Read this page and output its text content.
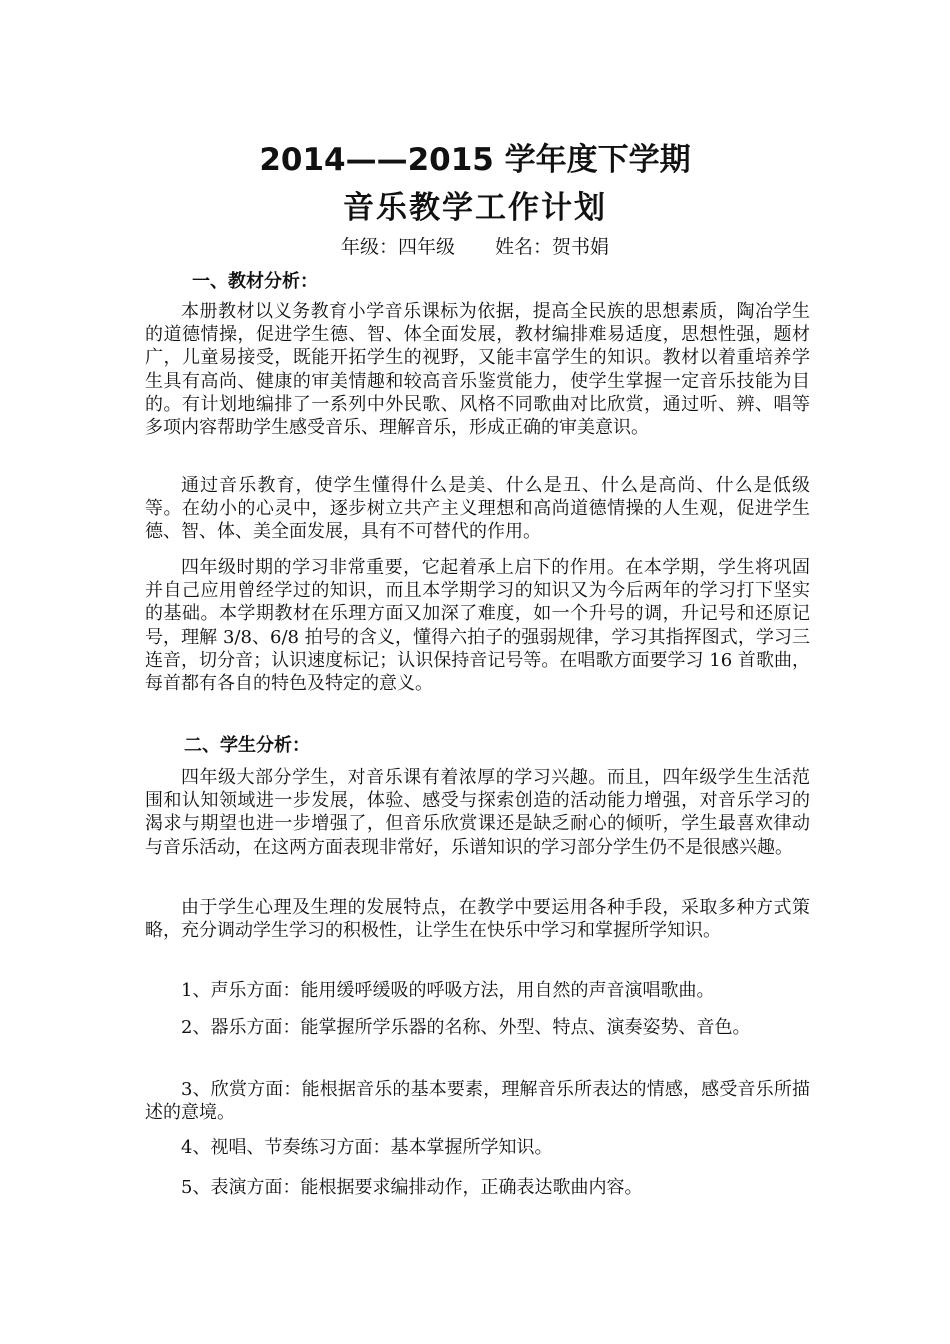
2014——2015 学年度下学期
音乐教学工作计划
年级：四年级 姓名：贺书娟
一、教材分析：
本册教材以义务教育小学音乐课标为依据，提高全民族的思想素质，陶冶学生的道德情操，促进学生德、智、体全面发展，教材编排难易适度，思想性强，题材广，儿童易接受，既能开拓学生的视野，又能丰富学生的知识。教材以着重培养学生具有高尚、健康的审美情趣和较高音乐鉴赏能力，使学生掌握一定音乐技能为目的。有计划地编排了一系列中外民歌、风格不同歌曲对比欣赏，通过听、辨、唱等多项内容帮助学生感受音乐、理解音乐，形成正确的审美意识。
通过音乐教育，使学生懂得什么是美、什么是丑、什么是高尚、什么是低级等。在幼小的心灵中，逐步树立共产主义理想和高尚道德情操的人生观，促进学生德、智、体、美全面发展，具有不可替代的作用。
四年级时期的学习非常重要，它起着承上启下的作用。在本学期，学生将巩固并自己应用曾经学过的知识，而且本学期学习的知识又为今后两年的学习打下坚实的基础。本学期教材在乐理方面又加深了难度，如一个升号的调，升记号和还原记号，理解 3/8、6/8 拍号的含义，懂得六拍子的强弱规律，学习其指挥图式，学习三连音，切分音；认识速度标记；认识保持音记号等。在唱歌方面要学习 16 首歌曲，每首都有各自的特色及特定的意义。
二、学生分析：
四年级大部分学生，对音乐课有着浓厚的学习兴趣。而且，四年级学生生活范围和认知领域进一步发展，体验、感受与探索创造的活动能力增强，对音乐学习的渴求与期望也进一步增强了，但音乐欣赏课还是缺乏耐心的倾听，学生最喜欢律动与音乐活动，在这两方面表现非常好，乐谱知识的学习部分学生仍不是很感兴趣。
由于学生心理及生理的发展特点，在教学中要运用各种手段，采取多种方式策略，充分调动学生学习的积极性，让学生在快乐中学习和掌握所学知识。
1、声乐方面：能用缓呼缓吸的呼吸方法，用自然的声音演唱歌曲。
2、器乐方面：能掌握所学乐器的名称、外型、特点、演奏姿势、音色。
3、欣赏方面：能根据音乐的基本要素，理解音乐所表达的情感，感受音乐所描述的意境。
4、视唱、节奏练习方面：基本掌握所学知识。
5、表演方面：能根据要求编排动作，正确表达歌曲内容。
